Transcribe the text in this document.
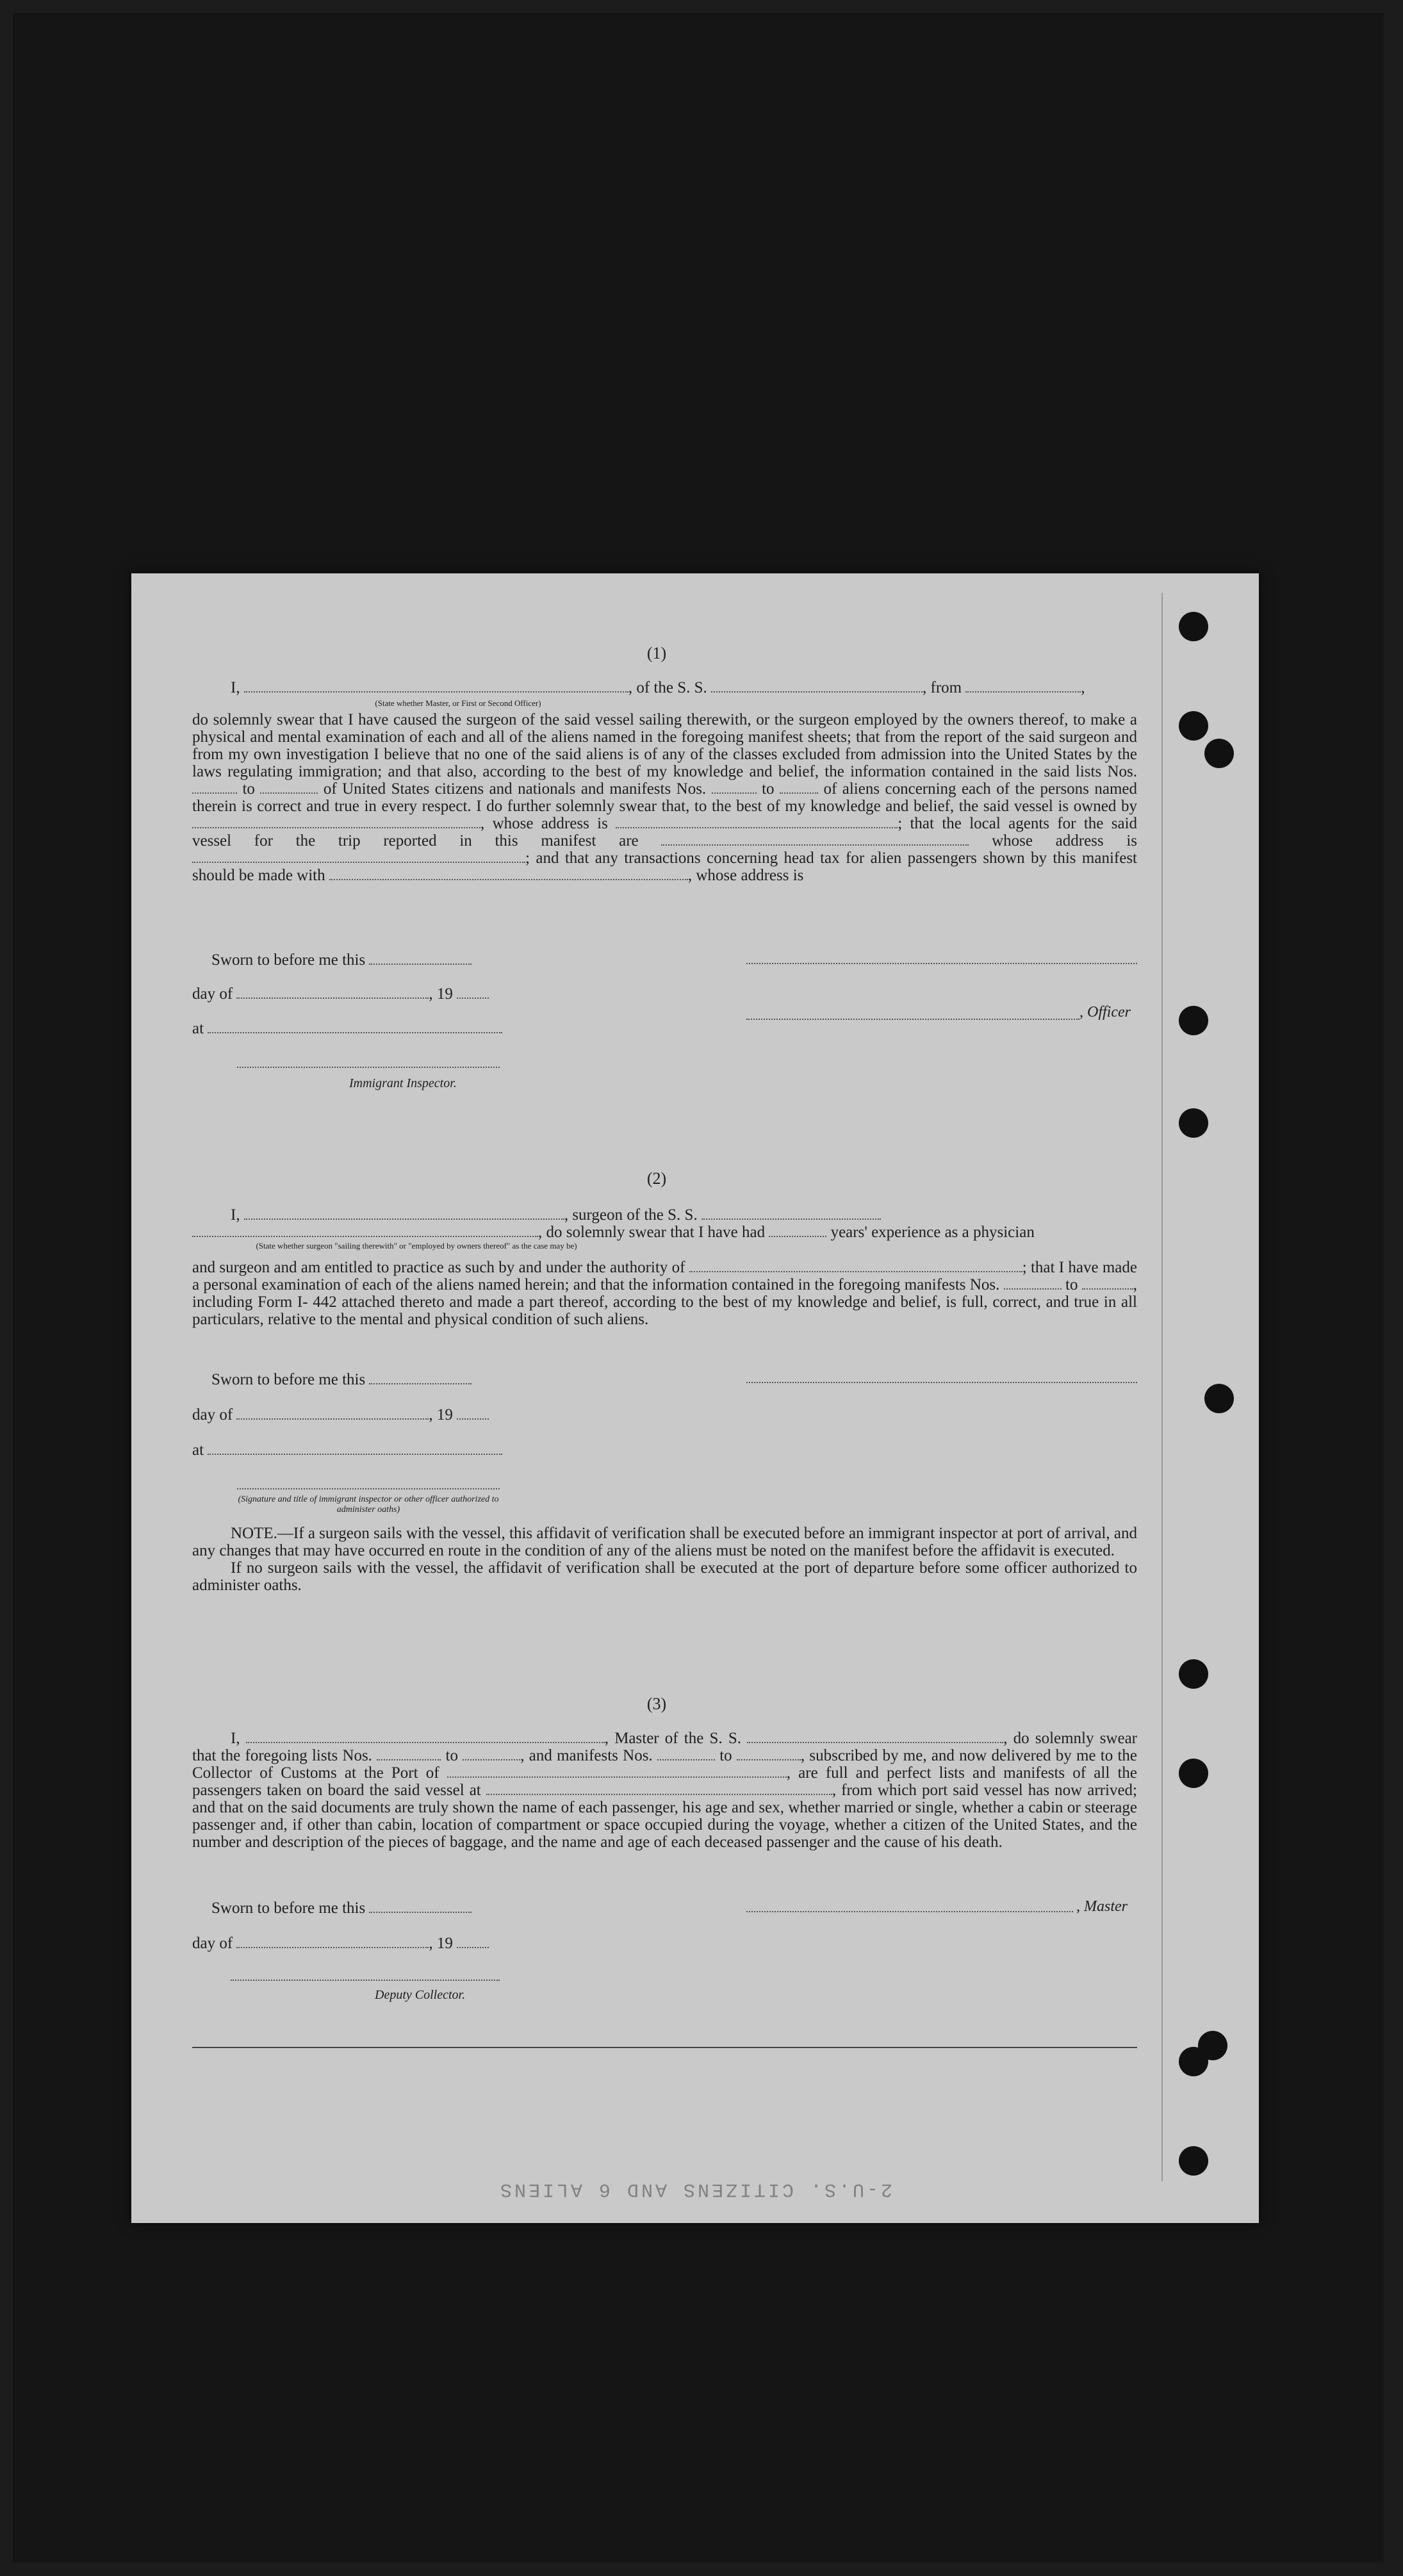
(1)

I,	, of the S. S.	, from	,

(State whether Master, or First or Second Officer)

do solemnly swear that I have caused the surgeon of the said vessel sailing therewith, or the surgeon employed by the owners thereof, to make a physical and mental examination of each and all of the aliens named in the foregoing manifest sheets; that from the report of the said surgeon and from my own investigation I believe that no one of the said aliens is of any of the classes excluded from admission into the United States by the laws regulating immigration; and that also, according to the best of my knowledge and belief, the information contained in the said lists Nos.  to	of United States citizens and nationals and manifests Nos.	to	of aliens concerning each of the persons named therein is correct and true in every respect. I do further solemnly swear that, to the best of my knowledge and belief, the said vessel is owned by , whose address is	; that the local agents for the said vessel for the trip reported in this manifest are	whose address is ; and that any transactions concerning head tax for alien passengers shown by this manifest should be made with	, whose address is

Sworn to before me this
day of	, 19
, Officer
at
Immigrant Inspector.
(2)

I,	, surgeon of the S. S.

, do solemnly swear that I have had	years' experience as a physician

(State whether surgeon "sailing therewith" or "employed by owners thereof" as the case may be)

and surgeon and am entitled to practice as such by and under the authority of	; that I have made a personal examination of each of the aliens named herein; and that the information contained in the foregoing manifests Nos.	to	, including Form I- 442 attached thereto and made a part thereof, according to the best of my knowledge and belief, is full, correct, and true in all particulars, relative to the mental and physical condition of such aliens.

Sworn to before me this
day of	, 19
at
(Signature and title of immigrant inspector or other officer authorized to administer oaths)

NOTE.—If a surgeon sails with the vessel, this affidavit of verification shall be executed before an immigrant inspector at port of arrival, and any changes that may have occurred en route in the condition of any of the aliens must be noted on the manifest before the affidavit is executed.

If no surgeon sails with the vessel, the affidavit of verification shall be executed at the port of departure before some officer authorized to administer oaths.

(3)

I,	, Master of the S. S.	, do solemnly swear that the foregoing lists Nos.	to	, and manifests Nos.	to	, subscribed by me, and now delivered by me to the Collector of Customs at the Port of	, are full and perfect lists and manifests of all the passengers taken on board the said vessel at	, from which port said vessel has now arrived; and that on the said documents are truly shown the name of each passenger, his age and sex, whether married or single, whether a cabin or steerage passenger and, if other than cabin, location of compartment or space occupied during the voyage, whether a citizen of the United States, and the number and description of the pieces of baggage, and the name and age of each deceased passenger and the cause of his death.

Sworn to before me this	, Master
day of	, 19
Deputy Collector.
2-U.S. CITIZENS AND 6 ALIENS
